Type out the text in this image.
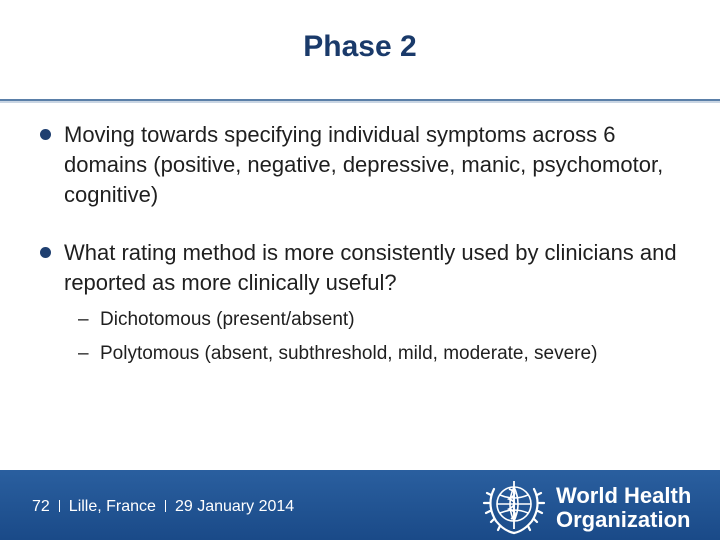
Phase 2
Moving towards specifying individual symptoms across 6 domains (positive, negative, depressive, manic, psychomotor, cognitive)
What rating method is more consistently used by clinicians and reported as more clinically useful?
– Dichotomous (present/absent)
– Polytomous (absent, subthreshold, mild, moderate, severe)
72 Lille, France 29 January 2014	World Health
Organization
